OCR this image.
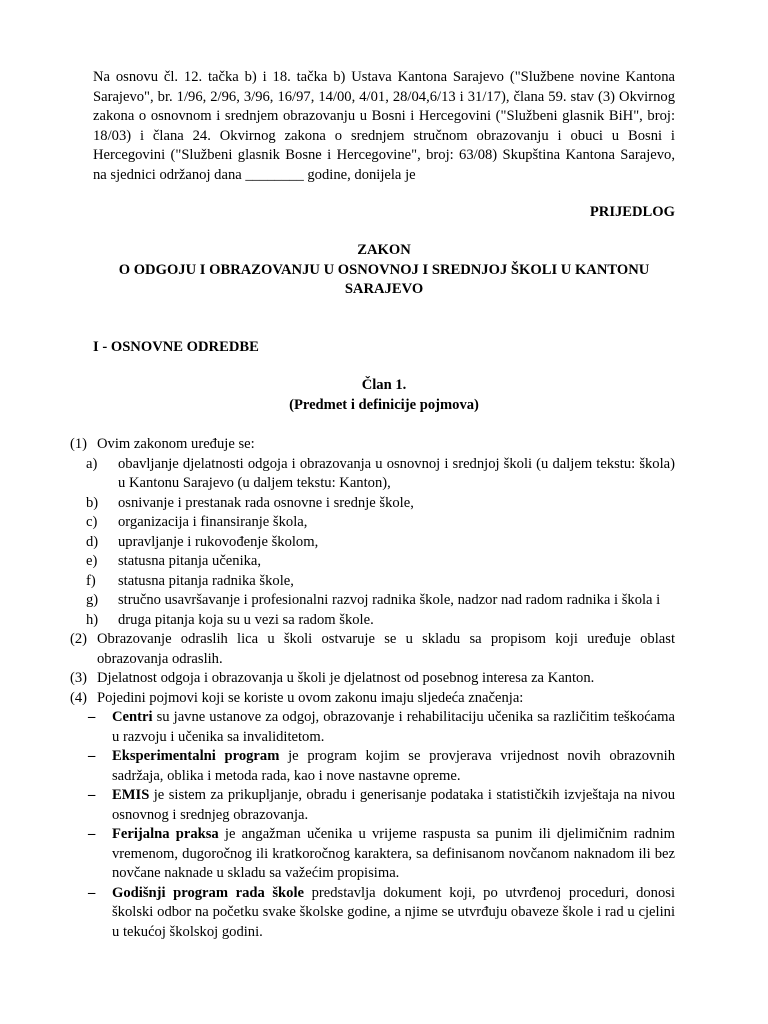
Na osnovu čl. 12. tačka b) i 18. tačka b) Ustava Kantona Sarajevo ("Službene novine Kantona Sarajevo", br. 1/96, 2/96, 3/96, 16/97, 14/00, 4/01, 28/04,6/13 i 31/17), člana 59. stav (3) Okvirnog zakona o osnovnom i srednjem obrazovanju u Bosni i Hercegovini ("Službeni glasnik BiH", broj: 18/03) i člana 24. Okvirnog zakona o srednjem stručnom obrazovanju i obuci u Bosni i Hercegovini ("Službeni glasnik Bosne i Hercegovine", broj: 63/08) Skupština Kantona Sarajevo, na sjednici održanoj dana ________ godine, donijela je

PRIJEDLOG

ZAKON
O ODGOJU I OBRAZOVANJU U OSNOVNOJ I SREDNJOJ ŠKOLI U KANTONU
SARAJEVO

I - OSNOVNE ODREDBE

Član 1.
(Predmet i definicije pojmova)
(1) Ovim zakonom uređuje se:
a)	obavljanje djelatnosti odgoja i obrazovanja u osnovnoj i srednjoj školi (u daljem tekstu: škola) u Kantonu Sarajevo (u daljem tekstu: Kanton),
b)	osnivanje i prestanak rada osnovne i srednje škole,
c)	organizacija i finansiranje škola,
d)	upravljanje i rukovođenje školom,
e)	statusna pitanja učenika,
f)	statusna pitanja radnika škole,
g)	stručno usavršavanje i profesionalni razvoj radnika škole, nadzor nad radom radnika i škola i
h)	druga pitanja koja su u vezi sa radom škole.
(2) Obrazovanje odraslih lica u školi ostvaruje se u skladu sa propisom koji uređuje oblast obrazovanja odraslih.
(3) Djelatnost odgoja i obrazovanja u školi je djelatnost od posebnog interesa za Kanton.
(4) Pojedini pojmovi koji se koriste u ovom zakonu imaju sljedeća značenja:
–	Centri su javne ustanove za odgoj, obrazovanje i rehabilitaciju učenika sa različitim teškoćama u razvoju i učenika sa invaliditetom.
–	Eksperimentalni program je program kojim se provjerava vrijednost novih obrazovnih sadržaja, oblika i metoda rada, kao i nove nastavne opreme.
–	EMIS je sistem za prikupljanje, obradu i generisanje podataka i statističkih izvještaja na nivou osnovnog i srednjeg obrazovanja.
–	Ferijalna praksa je angažman učenika u vrijeme raspusta sa punim ili djelimičnim radnim vremenom, dugoročnog ili kratkoročnog karaktera, sa definisanom novčanom naknadom ili bez novčane naknade u skladu sa važećim propisima.
–	Godišnji program rada škole predstavlja dokument koji, po utvrđenoj proceduri, donosi školski odbor na početku svake školske godine, a njime se utvrđuju obaveze škole i rad u cjelini u tekućoj školskoj godini.
